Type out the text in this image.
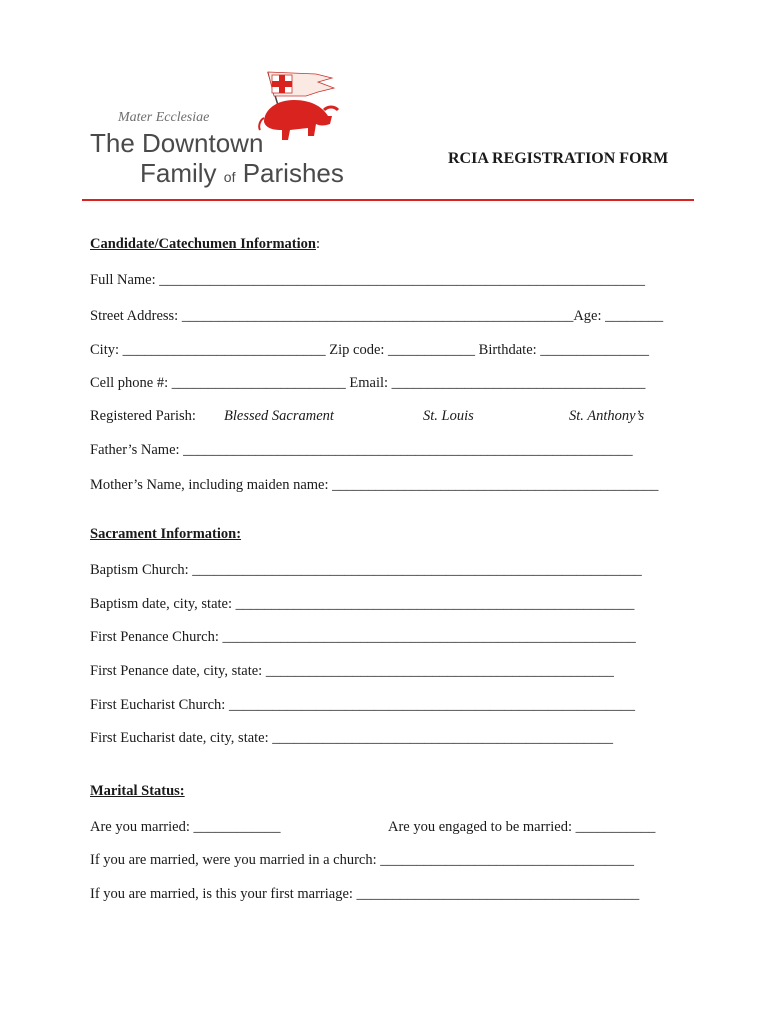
Mater Ecclesiae
The Downtown
Family of Parishes	RCIA REGISTRATION FORM
Candidate/Catechumen Information:
Full Name: ___________________________________________________________________
Street Address: ______________________________________________________Age: ________
City: ____________________________ Zip code: ____________ Birthdate: _______________
Cell phone #: ________________________ Email: ___________________________________
Registered Parish: Blessed Sacrament	St. Louis	St. Anthony’s
Father’s Name: ______________________________________________________________
Mother’s Name, including maiden name: _____________________________________________
Sacrament Information:
Baptism Church: ______________________________________________________________
Baptism date, city, state: _______________________________________________________
First Penance Church: _________________________________________________________
First Penance date, city, state: ________________________________________________
First Eucharist Church: ________________________________________________________
First Eucharist date, city, state: _______________________________________________
Marital Status:
Are you married: ____________	Are you engaged to be married: ___________
If you are married, were you married in a church: ___________________________________
If you are married, is this your first marriage: _______________________________________
